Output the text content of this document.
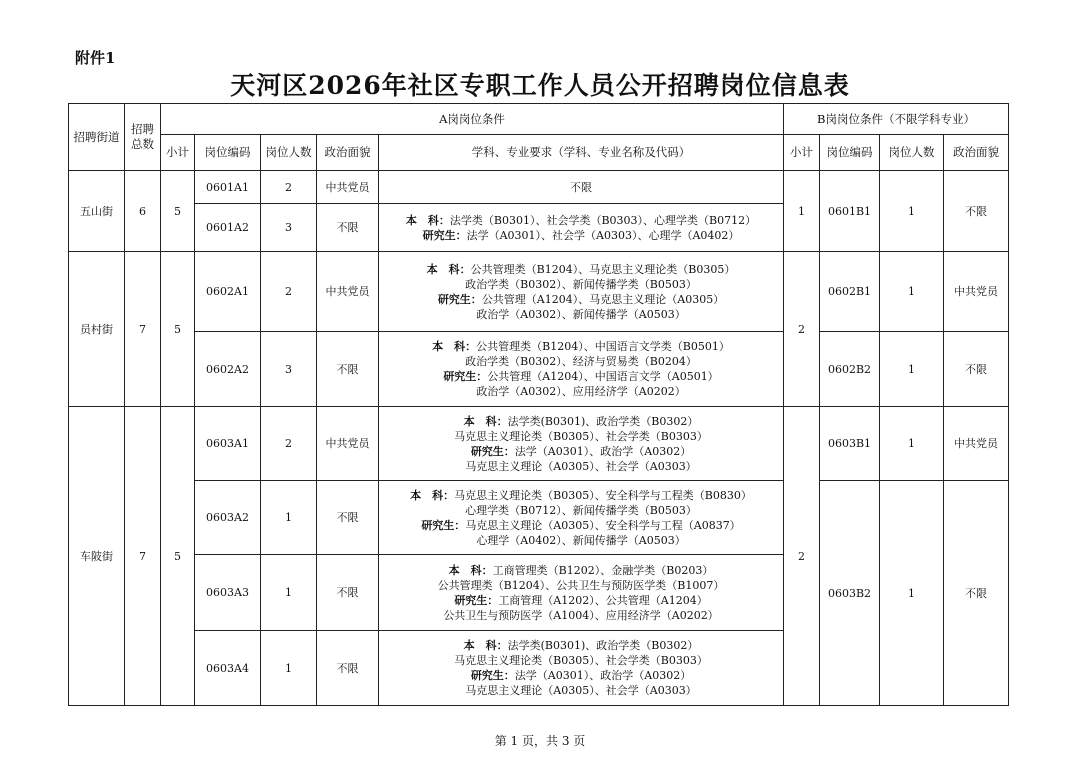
附件1
天河区2026年社区专职工作人员公开招聘岗位信息表
招聘街道	招聘
总数	A岗岗位条件					B岗岗位条件（不限学科专业）			
		小计	岗位编码	岗位人数	政治面貌	学科、专业要求（学科、专业名称及代码）	小计	岗位编码	岗位人数	政治面貌
五山街	6	5	0601A1	2	中共党员	不限	1	0601B1	1	不限
			0601A2	3	不限	本　科：法学类（B0301）、社会学类（B0303）、心理学类（B0712）
研究生：法学（A0301）、社会学（A0303）、心理学（A0402）				

员村街	7	5	0602A1	2	中共党员	本　科：公共管理类（B1204）、马克思主义理论类（B0305）
政治学类（B0302）、新闻传播学类（B0503）
研究生：公共管理（A1204）、马克思主义理论（A0305）
政治学（A0302）、新闻传播学（A0503）	2	0602B1	1	中共党员
			0602A2	3	不限	本　科：公共管理类（B1204）、中国语言文学类（B0501）
政治学类（B0302）、经济与贸易类（B0204）
研究生：公共管理（A1204）、中国语言文学（A0501）
政治学（A0302）、应用经济学（A0202）		0602B2	1	不限
车陂街	7	5	0603A1	2	中共党员	本　科：法学类(B0301)、政治学类（B0302）
马克思主义理论类（B0305）、社会学类（B0303）
研究生：法学（A0301）、政治学（A0302）
马克思主义理论（A0305）、社会学（A0303）	2	0603B1	1	中共党员
			0603A2	1	不限	本　科：马克思主义理论类（B0305）、安全科学与工程类（B0830）
心理学类（B0712）、新闻传播学类（B0503）
研究生：马克思主义理论（A0305）、安全科学与工程（A0837）
心理学（A0402）、新闻传播学（A0503）		0603B2	1	不限
			0603A3	1	不限	本　科：工商管理类（B1202）、金融学类（B0203）
公共管理类（B1204）、公共卫生与预防医学类（B1007）
研究生：工商管理（A1202）、公共管理（A1204）
公共卫生与预防医学（A1004）、应用经济学（A0202）				

			0603A4	1	不限	本　科：法学类(B0301)、政治学类（B0302）
马克思主义理论类（B0305）、社会学类（B0303）
研究生：法学（A0301）、政治学（A0302）
马克思主义理论（A0305）、社会学（A0303）				
第 1 页，共 3 页
